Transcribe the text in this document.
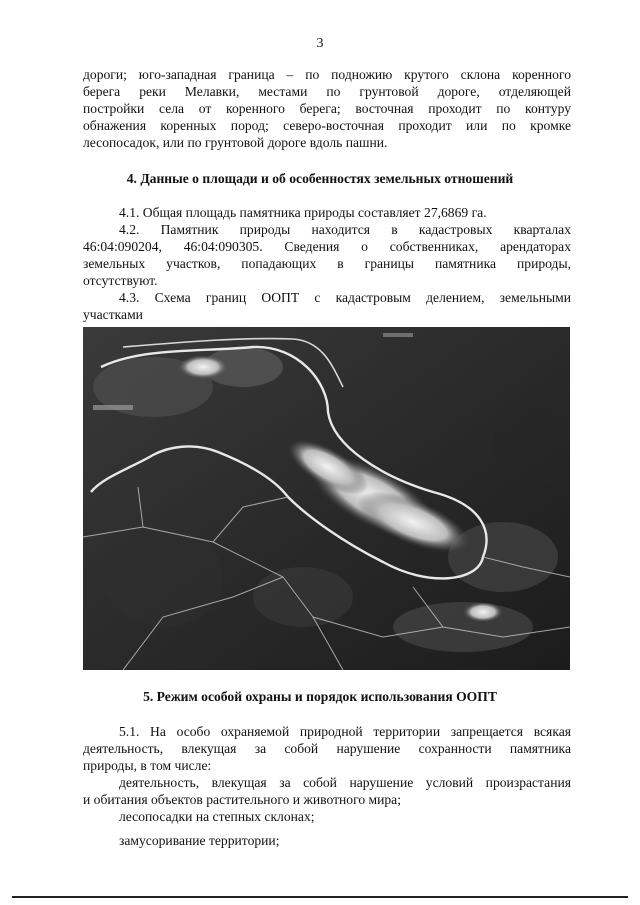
3
дороги; юго-западная граница – по подножию крутого склона коренного
берега реки Мелавки, местами по грунтовой дороге, отделяющей
постройки села от коренного берега; восточная проходит по контуру
обнажения коренных пород; северо-восточная проходит или по кромке
лесопосадок, или по грунтовой дороге вдоль пашни.
4. Данные о площади и об особенностях земельных отношений
4.1. Общая площадь памятника природы составляет 27,6869 га.
4.2. Памятник природы находится в кадастровых кварталах
46:04:090204, 46:04:090305. Сведения о собственниках, арендаторах
земельных участков, попадающих в границы памятника природы,
отсутствуют.
4.3. Схема границ ООПТ с кадастровым делением, земельными
участками
5. Режим особой охраны и порядок использования ООПТ
5.1. На особо охраняемой природной территории запрещается всякая
деятельность, влекущая за собой нарушение сохранности памятника
природы, в том числе:
деятельность, влекущая за собой нарушение условий произрастания
и обитания объектов растительного и животного мира;
лесопосадки на степных склонах;
замусоривание территории;
